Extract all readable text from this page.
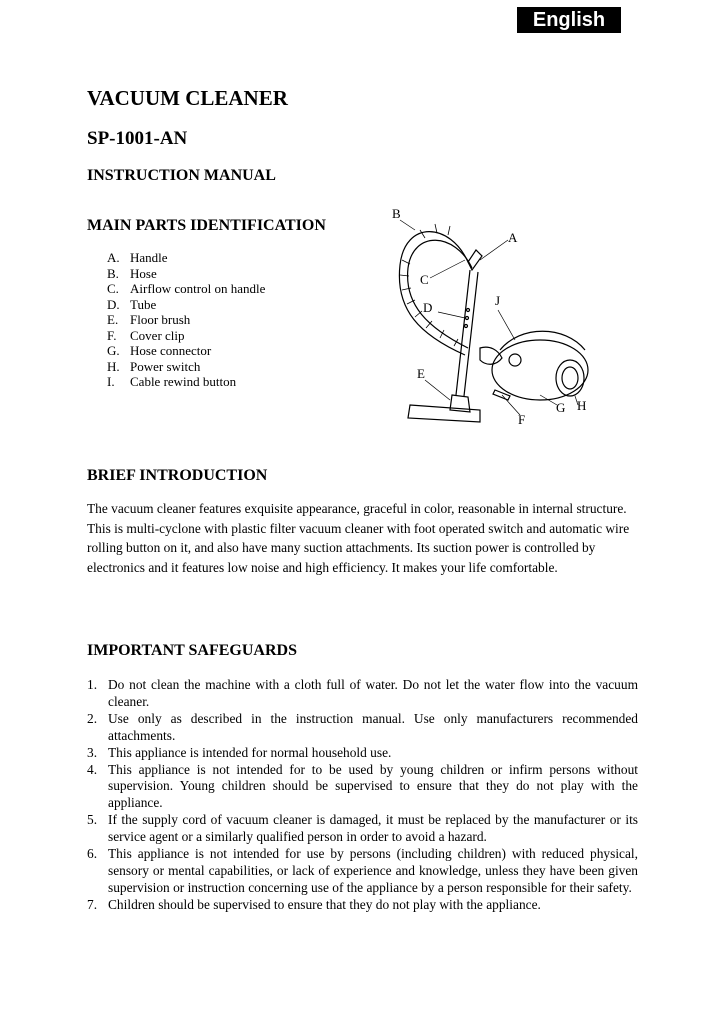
English
VACUUM CLEANER
SP-1001-AN
INSTRUCTION MANUAL
MAIN PARTS IDENTIFICATION
A. Handle
B. Hose
C. Airflow control on handle
D. Tube
E. Floor brush
F.	Cover clip
G. Hose connector
H. Power switch
I.	Cable rewind button
B
A
C
D	J
E
F
G H
BRIEF INTRODUCTION

The vacuum cleaner features exquisite appearance, graceful in color, reasonable in internal structure. This is multi-cyclone with plastic filter vacuum cleaner with foot operated switch and automatic wire rolling button on it, and also have many suction attachments. Its suction power is controlled by electronics and it features low noise and high efficiency. It makes your life comfortable.

IMPORTANT SAFEGUARDS
1. Do not clean the machine with a cloth full of water. Do not let the water flow into the vacuum cleaner.
2. Use only as described in the instruction manual. Use only manufacturers recommended attachments.
3. This appliance is intended for normal household use.
4. This appliance is not intended for to be used by young children or infirm persons without supervision. Young children should be supervised to ensure that they do not play with the appliance.
5. If the supply cord of vacuum cleaner is damaged, it must be replaced by the manufacturer or its service agent or a similarly qualified person in order to avoid a hazard.
6. This appliance is not intended for use by persons (including children) with reduced physical, sensory or mental capabilities, or lack of experience and knowledge, unless they have been given supervision or instruction concerning use of the appliance by a person responsible for their safety.
7. Children should be supervised to ensure that they do not play with the appliance.
